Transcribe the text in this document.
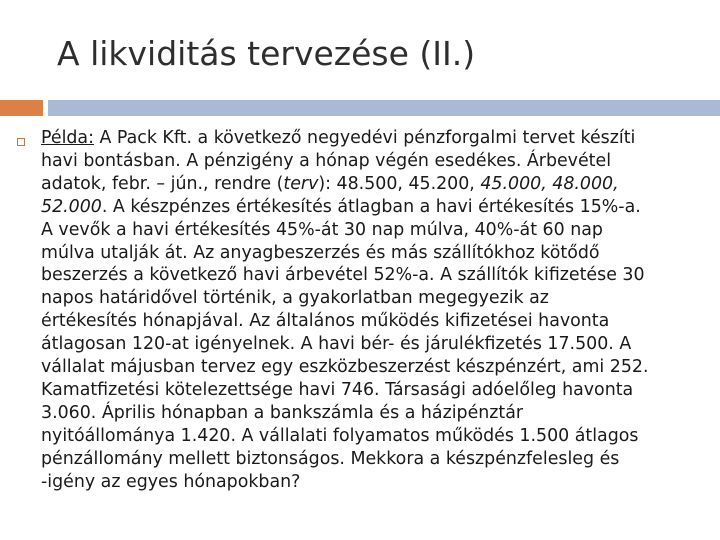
A likviditás tervezése (II.)

Példa: A Pack Kft. a következő negyedévi pénzforgalmi tervet készíti
havi bontásban. A pénzigény a hónap végén esedékes. Árbevétel
adatok, febr. – jún., rendre (terv): 48.500, 45.200, 45.000, 48.000,
52.000. A készpénzes értékesítés átlagban a havi értékesítés 15%-a.
A vevők a havi értékesítés 45%-át 30 nap múlva, 40%-át 60 nap
múlva utalják át. Az anyagbeszerzés és más szállítókhoz kötődő
beszerzés a következő havi árbevétel 52%-a. A szállítók kifizetése 30
napos határidővel történik, a gyakorlatban megegyezik az
értékesítés hónapjával. Az általános működés kifizetései havonta
átlagosan 120-at igényelnek. A havi bér- és járulékfizetés 17.500. A
vállalat májusban tervez egy eszközbeszerzést készpénzért, ami 252.
Kamatfizetési kötelezettsége havi 746. Társasági adóelőleg havonta
3.060. Április hónapban a bankszámla és a házipénztár
nyitóállománya 1.420. A vállalati folyamatos működés 1.500 átlagos
pénzállomány mellett biztonságos. Mekkora a készpénzfelesleg és
-igény az egyes hónapokban?
